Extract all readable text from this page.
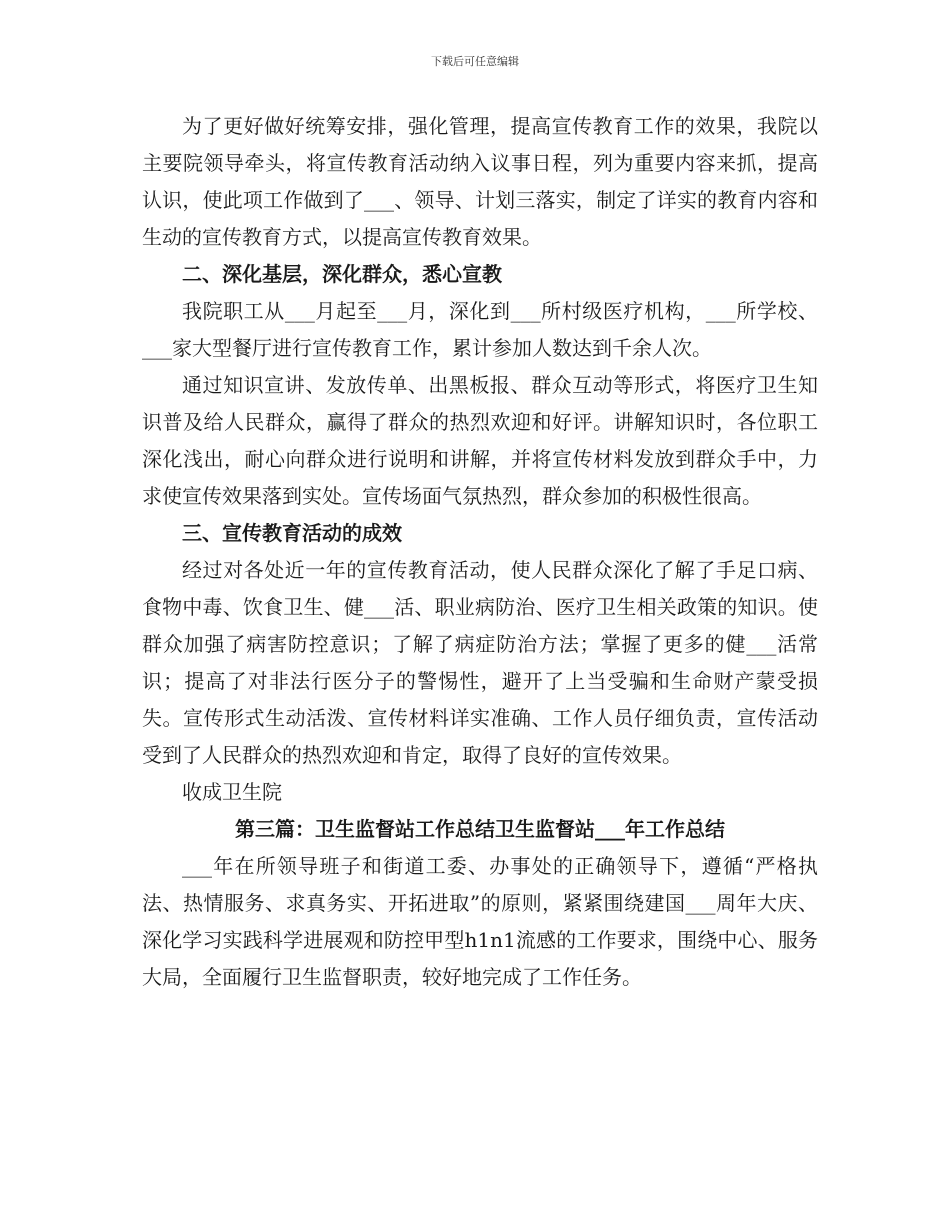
下载后可任意编辑

为了更好做好统筹安排，强化管理，提高宣传教育工作的效果，我院以主要院领导牵头，将宣传教育活动纳入议事日程，列为重要内容来抓，提高认识，使此项工作做到了___、领导、计划三落实，制定了详实的教育内容和生动的宣传教育方式，以提高宣传教育效果。

二、深化基层，深化群众，悉心宣教

我院职工从___月起至___月，深化到___所村级医疗机构，___所学校、___家大型餐厅进行宣传教育工作，累计参加人数达到千余人次。

通过知识宣讲、发放传单、出黑板报、群众互动等形式，将医疗卫生知识普及给人民群众，赢得了群众的热烈欢迎和好评。讲解知识时，各位职工深化浅出，耐心向群众进行说明和讲解，并将宣传材料发放到群众手中，力求使宣传效果落到实处。宣传场面气氛热烈，群众参加的积极性很高。

三、宣传教育活动的成效

经过对各处近一年的宣传教育活动，使人民群众深化了解了手足口病、食物中毒、饮食卫生、健___活、职业病防治、医疗卫生相关政策的知识。使群众加强了病害防控意识；了解了病症防治方法；掌握了更多的健___活常识；提高了对非法行医分子的警惕性，避开了上当受骗和生命财产蒙受损失。宣传形式生动活泼、宣传材料详实准确、工作人员仔细负责，宣传活动受到了人民群众的热烈欢迎和肯定，取得了良好的宣传效果。

收成卫生院

第三篇：卫生监督站工作总结卫生监督站___年工作总结

___年在所领导班子和街道工委、办事处的正确领导下，遵循“严格执法、热情服务、求真务实、开拓进取”的原则，紧紧围绕建国___周年大庆、深化学习实践科学进展观和防控甲型h1n1流感的工作要求，围绕中心、服务大局，全面履行卫生监督职责，较好地完成了工作任务。
